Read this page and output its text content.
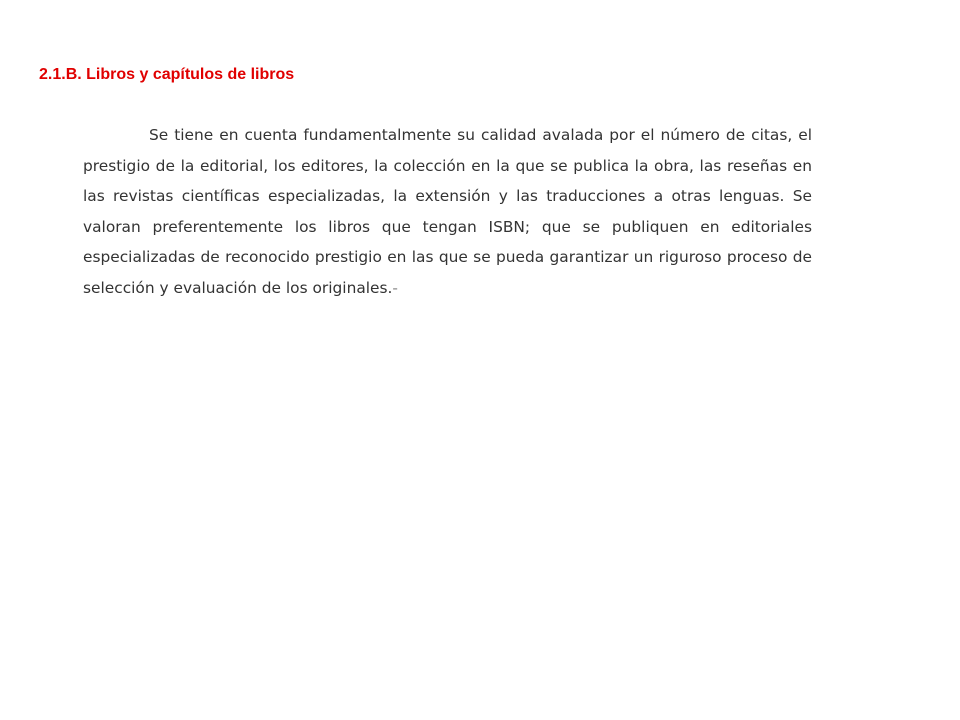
2.1.B. Libros y capítulos de libros

Se tiene en cuenta fundamentalmente su calidad avalada por el número de citas, el prestigio de la editorial, los editores, la colección en la que se publica la obra, las reseñas en las revistas científicas especializadas, la extensión y las traducciones a otras lenguas. Se valoran preferentemente los libros que tengan ISBN; que se publiquen en editoriales especializadas de reconocido prestigio en las que se pueda garantizar un riguroso proceso de selección y evaluación de los originales.-
